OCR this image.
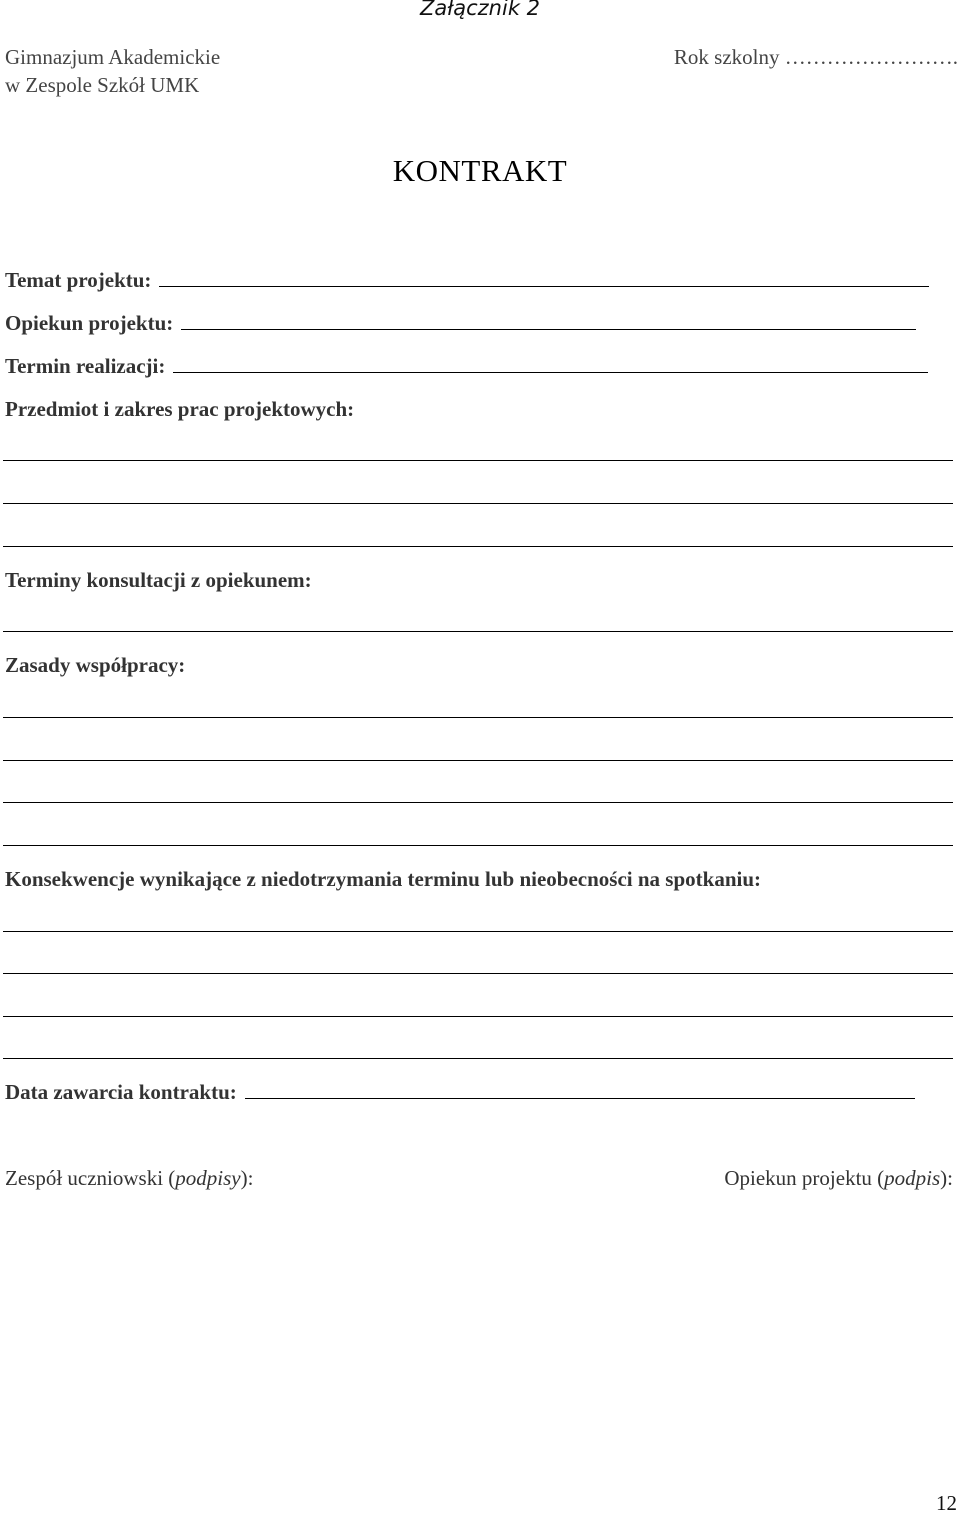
Załącznik 2
Gimnazjum Akademickie
w Zespole Szkół UMK
Rok szkolny …………………….
KONTRAKT
Temat projektu:
Opiekun projektu:
Termin realizacji:
Przedmiot i zakres prac projektowych:
Terminy konsultacji z opiekunem:
Zasady współpracy:
Konsekwencje wynikające z niedotrzymania terminu lub nieobecności na spotkaniu:
Data zawarcia kontraktu:
Zespół uczniowski (podpisy):	Opiekun projektu (podpis):
12
